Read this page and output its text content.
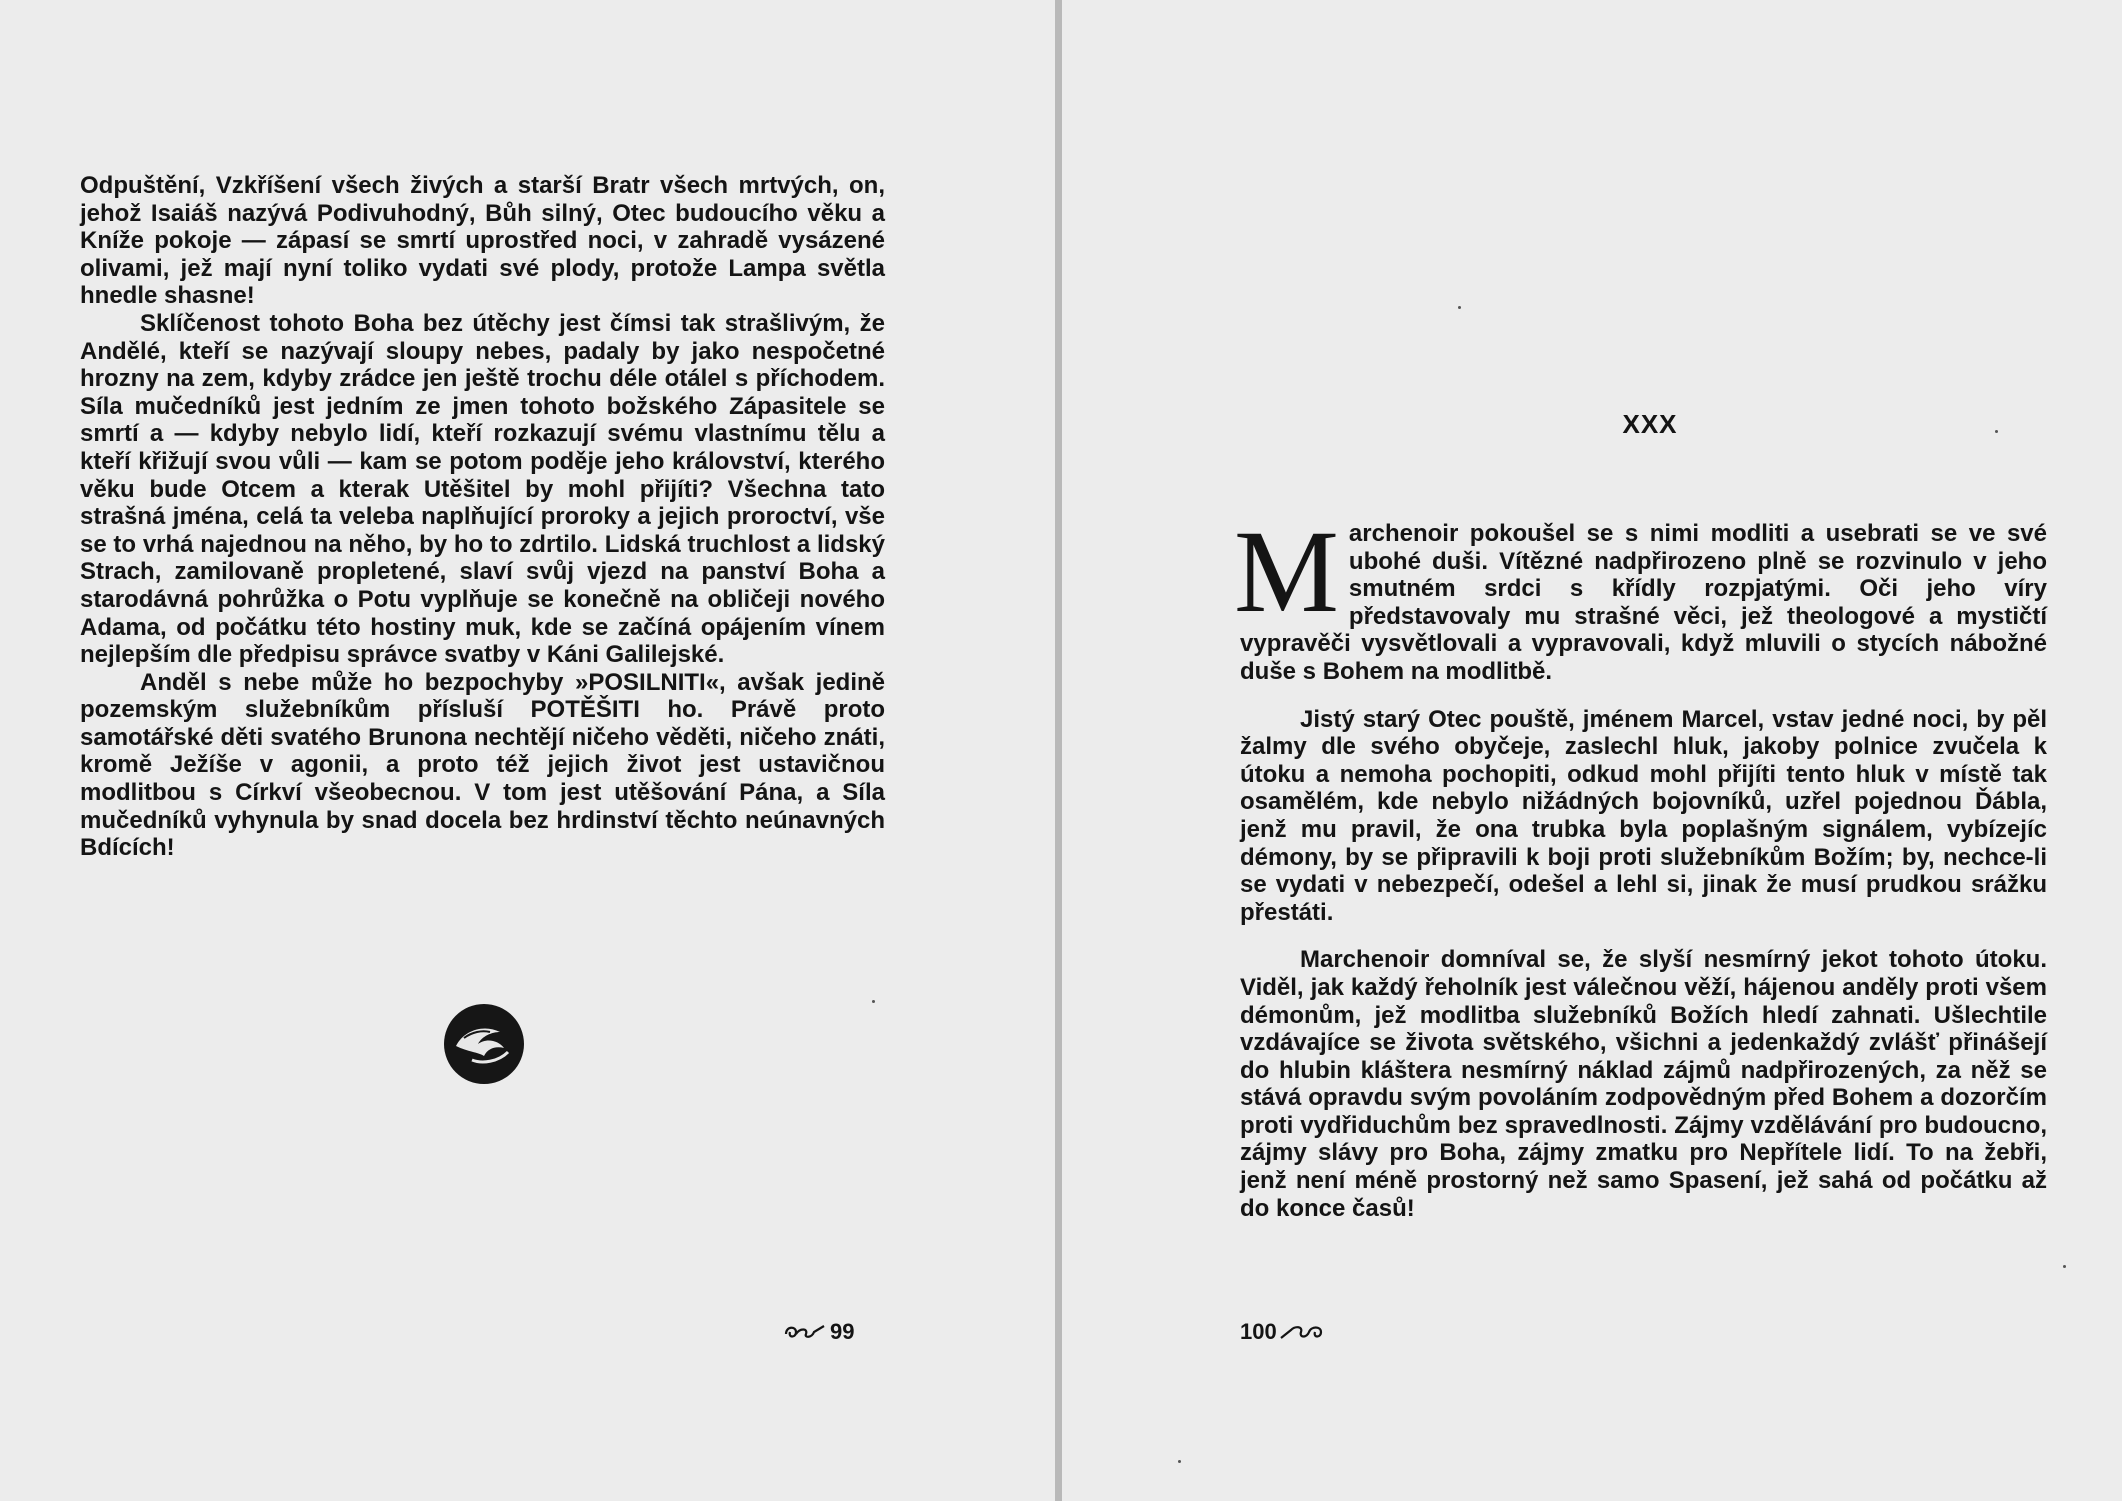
Odpuštění, Vzkříšení všech živých a starší Bratr všech mrtvých, on, jehož Isaiáš nazývá Podivuhodný, Bůh silný, Otec budoucího věku a Kníže pokoje — zápasí se smrtí uprostřed noci, v zahradě vysázené olivami, jež mají nyní toliko vydati své plody, protože Lampa světla hnedle shasne!

Sklíčenost tohoto Boha bez útěchy jest čímsi tak strašlivým, že Andělé, kteří se nazývají sloupy nebes, padaly by jako nespočetné hrozny na zem, kdyby zrádce jen ještě trochu déle otálel s příchodem. Síla mučedníků jest jedním ze jmen tohoto božského Zápasitele se smrtí a — kdyby nebylo lidí, kteří rozkazují svému vlastnímu tělu a kteří křižují svou vůli — kam se potom poděje jeho království, kterého věku bude Otcem a kterak Utěšitel by mohl přijíti? Všechna tato strašná jména, celá ta veleba naplňující proroky a jejich proroctví, vše se to vrhá najednou na něho, by ho to zdrtilo. Lidská truchlost a lidský Strach, zamilovaně propletené, slaví svůj vjezd na panství Boha a starodávná pohrůžka o Potu vyplňuje se konečně na obličeji nového Adama, od počátku této hostiny muk, kde se začíná opájením vínem nejlepším dle předpisu správce svatby v Káni Galilejské.

Anděl s nebe může ho bezpochyby »POSILNITI«, avšak jedině pozemským služebníkům přísluší POTĚŠITI ho. Právě proto samotářské děti svatého Brunona nechtějí ničeho věděti, ničeho znáti, kromě Ježíše v agonii, a proto též jejich život jest ustavičnou modlitbou s Církví všeobecnou. V tom jest utěšování Pána, a Síla mučedníků vyhynula by snad docela bez hrdinství těchto neúnavných Bdících!

99
XXX

Marchenoir pokoušel se s nimi modliti a usebrati se ve své ubohé duši. Vítězné nadpřirozeno plně se rozvinulo v jeho smutném srdci s křídly rozpjatými. Oči jeho víry představovaly mu strašné věci, jež theologové a mystičtí vypravěči vysvětlovali a vypravovali, když mluvili o stycích nábožné duše s Bohem na modlitbě.

Jistý starý Otec pouště, jménem Marcel, vstav jedné noci, by pěl žalmy dle svého obyčeje, zaslechl hluk, jakoby polnice zvučela k útoku a nemoha pochopiti, odkud mohl přijíti tento hluk v místě tak osamělém, kde nebylo nižádných bojovníků, uzřel pojednou Ďábla, jenž mu pravil, že ona trubka byla poplašným signálem, vybízejíc démony, by se připravili k boji proti služebníkům Božím; by, nechce-li se vydati v nebezpečí, odešel a lehl si, jinak že musí prudkou srážku přestáti.

Marchenoir domníval se, že slyší nesmírný jekot tohoto útoku. Viděl, jak každý řeholník jest válečnou věží, hájenou anděly proti všem démonům, jež modlitba služebníků Božích hledí zahnati. Ušlechtile vzdávajíce se života světského, všichni a jedenkaždý zvlášť přinášejí do hlubin kláštera nesmírný náklad zájmů nadpřirozených, za něž se stává opravdu svým povoláním zodpovědným před Bohem a dozorčím proti vydřiduchům bez spravedlnosti. Zájmy vzdělávání pro budoucno, zájmy slávy pro Boha, zájmy zmatku pro Nepřítele lidí. To na žebři, jenž není méně prostorný než samo Spasení, jež sahá od počátku až do konce časů!

100
